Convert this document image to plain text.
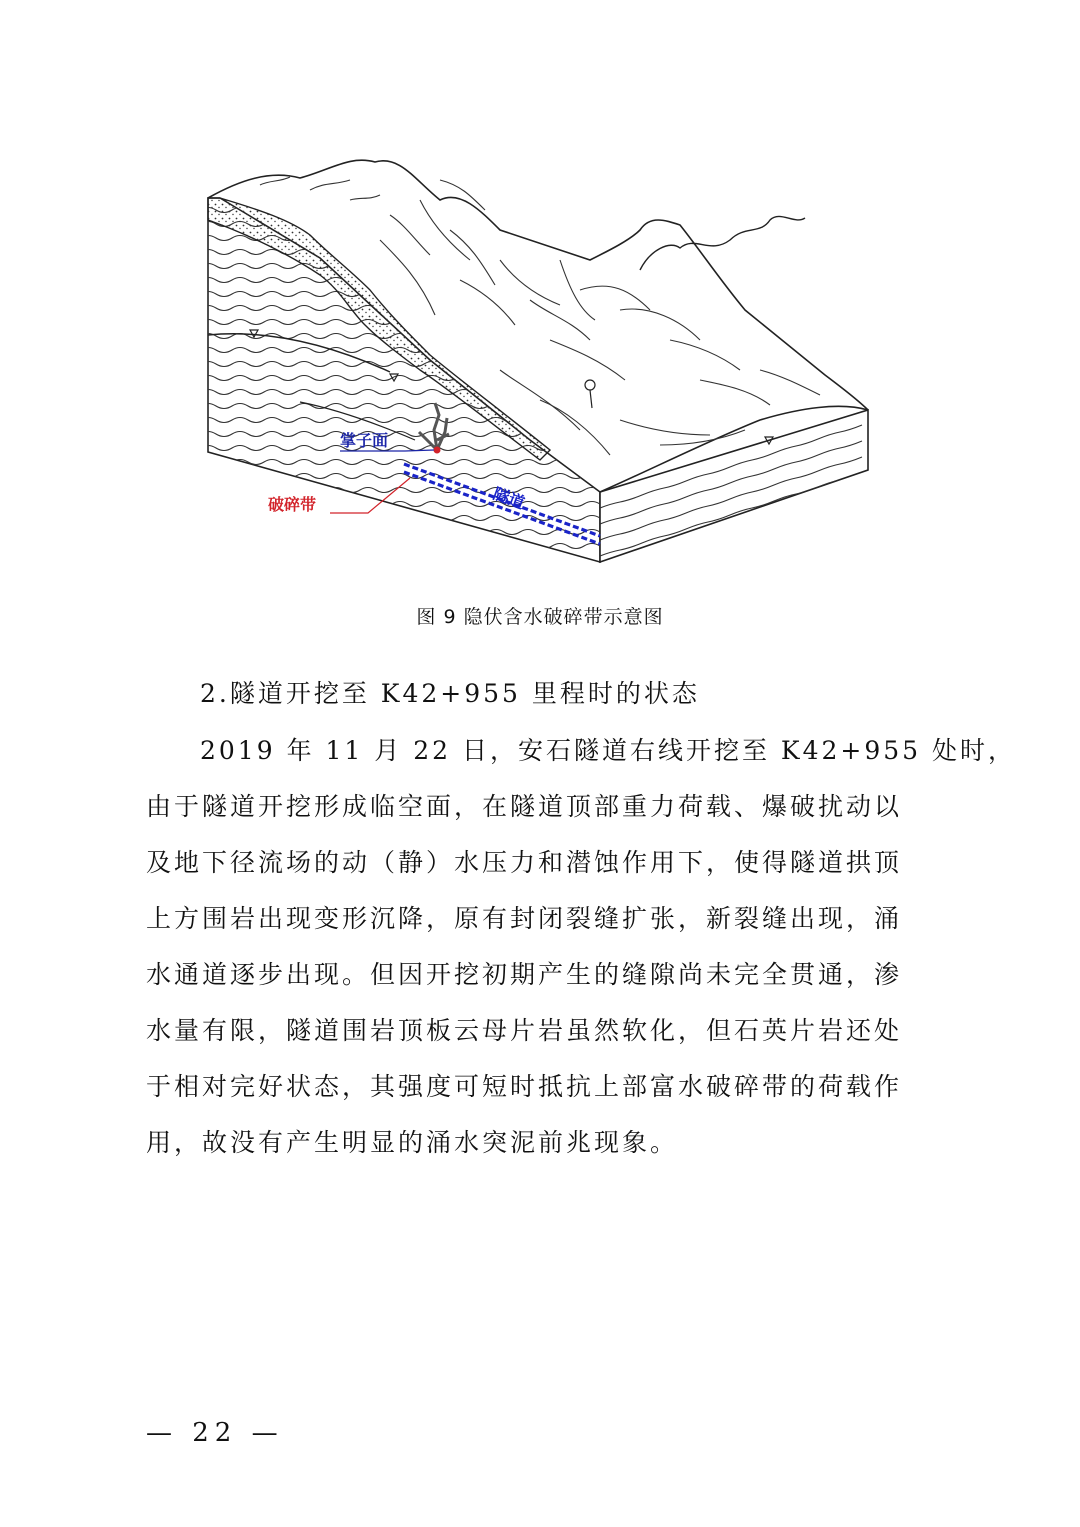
掌子面
破碎带	隧道
图 9 隐伏含水破碎带示意图
2.隧道开挖至 K42+955 里程时的状态
2019 年 11 月 22 日，安石隧道右线开挖至 K42+955 处时，
由于隧道开挖形成临空面，在隧道顶部重力荷载、爆破扰动以
及地下径流场的动（静）水压力和潜蚀作用下，使得隧道拱顶
上方围岩出现变形沉降，原有封闭裂缝扩张，新裂缝出现，涌
水通道逐步出现。但因开挖初期产生的缝隙尚未完全贯通，渗
水量有限，隧道围岩顶板云母片岩虽然软化，但石英片岩还处
于相对完好状态，其强度可短时抵抗上部富水破碎带的荷载作
用，故没有产生明显的涌水突泥前兆现象。
— 22 —
